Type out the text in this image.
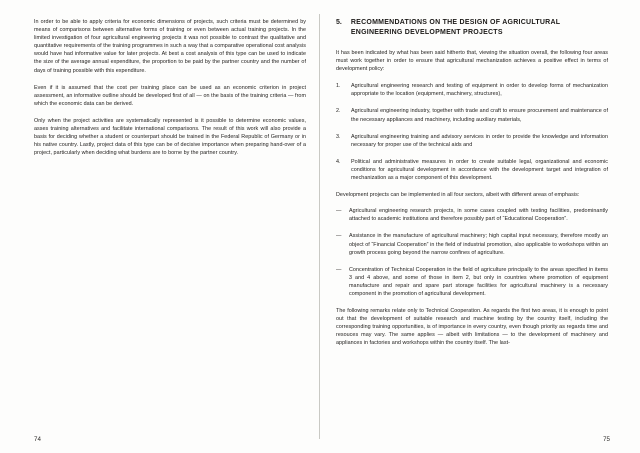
In order to be able to apply criteria for economic dimensions of projects, such criteria must be determined by means of comparisons between alternative forms of training or even between actual training projects. In the limited investigation of four agricultural engineering projects it was not possible to contrast the qualitative and quantitative requirements of the training programmes in such a way that a comparative operational cost analysis would have had informative value for later projects. At best a cost analysis of this type can be used to indicate the size of the average annual expenditure, the proportion to be paid by the partner country and the number of days of training possible with this expenditure.

Even if it is assumed that the cost per training place can be used as an economic criterion in project assessment, an informative outline should be developed first of all — on the basis of the training criteria — from which the economic data can be derived.

Only when the project activities are systematically represented is it possible to determine economic values, asses training alternatives and facilitate international comparisons. The result of this work will also provide a basis for deciding whether a student or counterpart should be trained in the Federal Republic of Germany or in his native country. Lastly, project data of this type can be of decisive importance when preparing hand-over of a project, particularly when deciding what burdens are to borne by the partner country.

5. RECOMMENDATIONS ON THE DESIGN OF AGRICULTURAL ENGINEERING DEVELOPMENT PROJECTS

It has been indicated by what has been said hitherto that, viewing the situation overall, the following four areas must work together in order to ensure that agricultural mechanization achieves a positive effect in terms of development policy:

1.	Agricultural engineering research and testing of equipment in order to develop forms of mechanization appropriate to the location (equipment, machinery, structures),
2.	Agricultural engineering industry, together with trade and craft to ensure procurement and maintenance of the necessary appliances and machinery, including auxiliary materials,
3.	Agricultural engineering training and advisory services in order to provide the knowledge and information necessary for proper use of the technical aids and
4.	Political and administrative measures in order to create suitable legal, organizational and economic conditions for agricultural development in accordance with the development target and integration of mechanization as a major component of this development.

Development projects can be implemented in all four sectors, albeit with different areas of emphasis:

— Agricultural engineering research projects, in some cases coupled with testing facilities, predominantly attached to academic institutions and therefore possibly part of “Educational Cooperation”.
— Assistance in the manufacture of agricultural machinery; high capital input necessary, therefore mostly an object of “Financial Cooperation” in the field of industrial promotion, also applicable to workshops within an growth process going beyond the narrow confines of agriculture.
— Concentration of Technical Cooperation in the field of agriculture principally to the areas specified in items 3 and 4 above, and some of those in item 2, but only in countries where promotion of equipment manufacture and repair and spare part storage facilities for agricultural machinery is a necessary component in the promotion of agricultural development.

The following remarks relate only to Technical Cooperation. As regards the first two areas, it is enough to point out that the development of suitable research and machine testing by the country itself, including the corresponding training opportunities, is of importance in every country, even though priority as regards time and resouces may vary. The same applies — albeit with limitations — to the development of machinery and appliances in factories and workshops within the country itself. The last-

74	75
